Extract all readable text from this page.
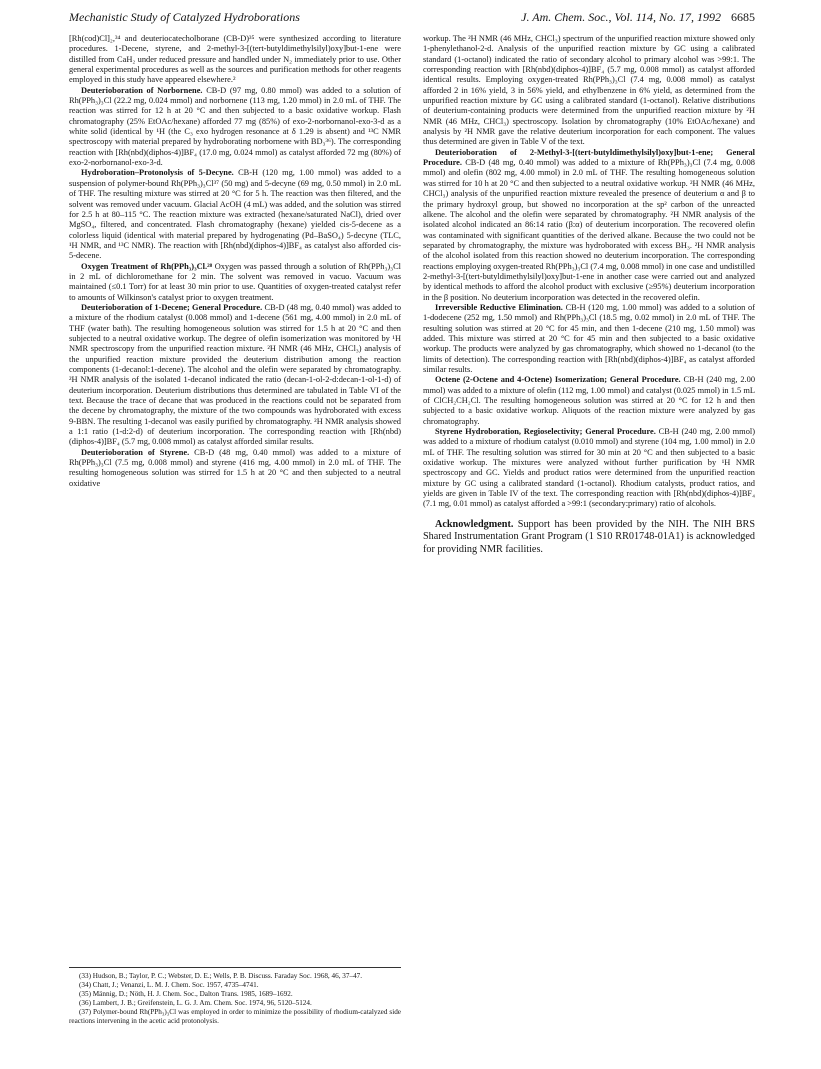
Mechanistic Study of Catalyzed Hydroborations	J. Am. Chem. Soc., Vol. 114, No. 17, 1992 6685

[Rh(cod)Cl]₂,³⁴ and deuteriocatecholborane (CB-D)³⁵ were synthesized according to literature procedures. 1-Decene, styrene, and 2-methyl-3-[(tert-butyldimethylsilyl)oxy]but-1-ene were distilled from CaH₂ under reduced pressure and handled under N₂ immediately prior to use. Other general experimental procedures as well as the sources and purification methods for other reagents employed in this study have appeared elsewhere.²

Deuterioboration of Norbornene. CB-D (97 mg, 0.80 mmol) was added to a solution of Rh(PPh₃)₃Cl (22.2 mg, 0.024 mmol) and norbornene (113 mg, 1.20 mmol) in 2.0 mL of THF. The reaction was stirred for 12 h at 20 °C and then subjected to a basic oxidative workup. Flash chromatography (25% EtOAc/hexane) afforded 77 mg (85%) of exo-2-norbornanol-exo-3-d as a white solid (identical by ¹H (the C₃ exo hydrogen resonance at δ 1.29 is absent) and ¹³C NMR spectroscopy with material prepared by hydroborating norbornene with BD₃³⁶). The corresponding reaction with [Rh(nbd)(diphos-4)]BF₄ (17.0 mg, 0.024 mmol) as catalyst afforded 72 mg (80%) of exo-2-norbornanol-exo-3-d.

Hydroboration–Protonolysis of 5-Decyne. CB-H (120 mg, 1.00 mmol) was added to a suspension of polymer-bound Rh(PPh₃)₃Cl³⁷ (50 mg) and 5-decyne (69 mg, 0.50 mmol) in 2.0 mL of THF. The resulting mixture was stirred at 20 °C for 5 h. The reaction was then filtered, and the solvent was removed under vacuum. Glacial AcOH (4 mL) was added, and the solution was stirred for 2.5 h at 80–115 °C. The reaction mixture was extracted (hexane/saturated NaCl), dried over MgSO₄, filtered, and concentrated. Flash chromatography (hexane) yielded cis-5-decene as a colorless liquid (identical with material prepared by hydrogenating (Pd–BaSO₄) 5-decyne (TLC, ¹H NMR, and ¹³C NMR). The reaction with [Rh(nbd)(diphos-4)]BF₄ as catalyst also afforded cis-5-decene.

Oxygen Treatment of Rh(PPh₃)₃Cl.²⁸ Oxygen was passed through a solution of Rh(PPh₃)₃Cl in 2 mL of dichloromethane for 2 min. The solvent was removed in vacuo. Vacuum was maintained (≤0.1 Torr) for at least 30 min prior to use. Quantities of oxygen-treated catalyst refer to amounts of Wilkinson's catalyst prior to oxygen treatment.

Deuterioboration of 1-Decene; General Procedure. CB-D (48 mg, 0.40 mmol) was added to a mixture of the rhodium catalyst (0.008 mmol) and 1-decene (561 mg, 4.00 mmol) in 2.0 mL of THF (water bath). The resulting homogeneous solution was stirred for 1.5 h at 20 °C and then subjected to a neutral oxidative workup. The degree of olefin isomerization was monitored by ¹H NMR spectroscopy from the unpurified reaction mixture. ²H NMR (46 MHz, CHCl₃) analysis of the unpurified reaction mixture provided the deuterium distribution among the reaction components (1-decanol:1-decene). The alcohol and the olefin were separated by chromatography. ²H NMR analysis of the isolated 1-decanol indicated the ratio (decan-1-ol-2-d:decan-1-ol-1-d) of deuterium incorporation. Deuterium distributions thus determined are tabulated in Table VI of the text. Because the trace of decane that was produced in the reactions could not be separated from the decene by chromatography, the mixture of the two compounds was hydroborated with excess 9-BBN. The resulting 1-decanol was easily purified by chromatography. ²H NMR analysis showed a 1:1 ratio (1-d:2-d) of deuterium incorporation. The corresponding reaction with [Rh(nbd)(diphos-4)]BF₄ (5.7 mg, 0.008 mmol) as catalyst afforded similar results.

Deuterioboration of Styrene. CB-D (48 mg, 0.40 mmol) was added to a mixture of Rh(PPh₃)₃Cl (7.5 mg, 0.008 mmol) and styrene (416 mg, 4.00 mmol) in 2.0 mL of THF. The resulting homogeneous solution was stirred for 1.5 h at 20 °C and then subjected to a neutral oxidative

(33) Hudson, B.; Taylor, P. C.; Webster, D. E.; Wells, P. B. Discuss. Faraday Soc. 1968, 46, 37–47.

(34) Chatt, J.; Venanzi, L. M. J. Chem. Soc. 1957, 4735–4741.

(35) Männig, D.; Nöth, H. J. Chem. Soc., Dalton Trans. 1985, 1689–1692.

(36) Lambert, J. B.; Greifenstein, L. G. J. Am. Chem. Soc. 1974, 96, 5120–5124.

(37) Polymer-bound Rh(PPh₃)₃Cl was employed in order to minimize the possibility of rhodium-catalyzed side reactions intervening in the acetic acid protonolysis.

workup. The ²H NMR (46 MHz, CHCl₃) spectrum of the unpurified reaction mixture showed only 1-phenylethanol-2-d. Analysis of the unpurified reaction mixture by GC using a calibrated standard (1-octanol) indicated the ratio of secondary alcohol to primary alcohol was >99:1. The corresponding reaction with [Rh(nbd)(diphos-4)]BF₄ (5.7 mg, 0.008 mmol) as catalyst afforded identical results. Employing oxygen-treated Rh(PPh₃)₃Cl (7.4 mg, 0.008 mmol) as catalyst afforded 2 in 16% yield, 3 in 56% yield, and ethylbenzene in 6% yield, as determined from the unpurified reaction mixture by GC using a calibrated standard (1-octanol). Relative distributions of deuterium-containing products were determined from the unpurified reaction mixture by ²H NMR (46 MHz, CHCl₃) spectroscopy. Isolation by chromatography (10% EtOAc/hexane) and analysis by ²H NMR gave the relative deuterium incorporation for each component. The values thus determined are given in Table V of the text.

Deuterioboration of 2-Methyl-3-[(tert-butyldimethylsilyl)oxy]but-1-ene; General Procedure. CB-D (48 mg, 0.40 mmol) was added to a mixture of Rh(PPh₃)₃Cl (7.4 mg, 0.008 mmol) and olefin (802 mg, 4.00 mmol) in 2.0 mL of THF. The resulting homogeneous solution was stirred for 10 h at 20 °C and then subjected to a neutral oxidative workup. ²H NMR (46 MHz, CHCl₃) analysis of the unpurified reaction mixture revealed the presence of deuterium α and β to the primary hydroxyl group, but showed no incorporation at the sp² carbon of the unreacted alkene. The alcohol and the olefin were separated by chromatography. ²H NMR analysis of the isolated alcohol indicated an 86:14 ratio (β:α) of deuterium incorporation. The recovered olefin was contaminated with significant quantities of the derived alkane. Because the two could not be separated by chromatography, the mixture was hydroborated with excess BH₃. ²H NMR analysis of the alcohol isolated from this reaction showed no deuterium incorporation. The corresponding reactions employing oxygen-treated Rh(PPh₃)₃Cl (7.4 mg, 0.008 mmol) in one case and undistilled 2-methyl-3-[(tert-butyldimethylsilyl)oxy]but-1-ene in another case were carried out and analyzed by identical methods to afford the alcohol product with exclusive (≥95%) deuterium incorporation in the β position. No deuterium incorporation was detected in the recovered olefin.

Irreversible Reductive Elimination. CB-H (120 mg, 1.00 mmol) was added to a solution of 1-dodecene (252 mg, 1.50 mmol) and Rh(PPh₃)₃Cl (18.5 mg, 0.02 mmol) in 2.0 mL of THF. The resulting solution was stirred at 20 °C for 45 min, and then 1-decene (210 mg, 1.50 mmol) was added. This mixture was stirred at 20 °C for 45 min and then subjected to a basic oxidative workup. The products were analyzed by gas chromatography, which showed no 1-decanol (to the limits of detection). The corresponding reaction with [Rh(nbd)(diphos-4)]BF₄ as catalyst afforded similar results.

Octene (2-Octene and 4-Octene) Isomerization; General Procedure. CB-H (240 mg, 2.00 mmol) was added to a mixture of olefin (112 mg, 1.00 mmol) and catalyst (0.025 mmol) in 1.5 mL of ClCH₂CH₂Cl. The resulting homogeneous solution was stirred at 20 °C for 12 h and then subjected to a basic oxidative workup. Aliquots of the reaction mixture were analyzed by gas chromatography.

Styrene Hydroboration, Regioselectivity; General Procedure. CB-H (240 mg, 2.00 mmol) was added to a mixture of rhodium catalyst (0.010 mmol) and styrene (104 mg, 1.00 mmol) in 2.0 mL of THF. The resulting solution was stirred for 30 min at 20 °C and then subjected to a basic oxidative workup. The mixtures were analyzed without further purification by ¹H NMR spectroscopy and GC. Yields and product ratios were determined from the unpurified reaction mixture by GC using a calibrated standard (1-octanol). Rhodium catalysts, product ratios, and yields are given in Table IV of the text. The corresponding reaction with [Rh(nbd)(diphos-4)]BF₄ (7.1 mg, 0.01 mmol) as catalyst afforded a >99:1 (secondary:primary) ratio of alcohols.

Acknowledgment. Support has been provided by the NIH. The NIH BRS Shared Instrumentation Grant Program (1 S10 RR01748-01A1) is acknowledged for providing NMR facilities.
